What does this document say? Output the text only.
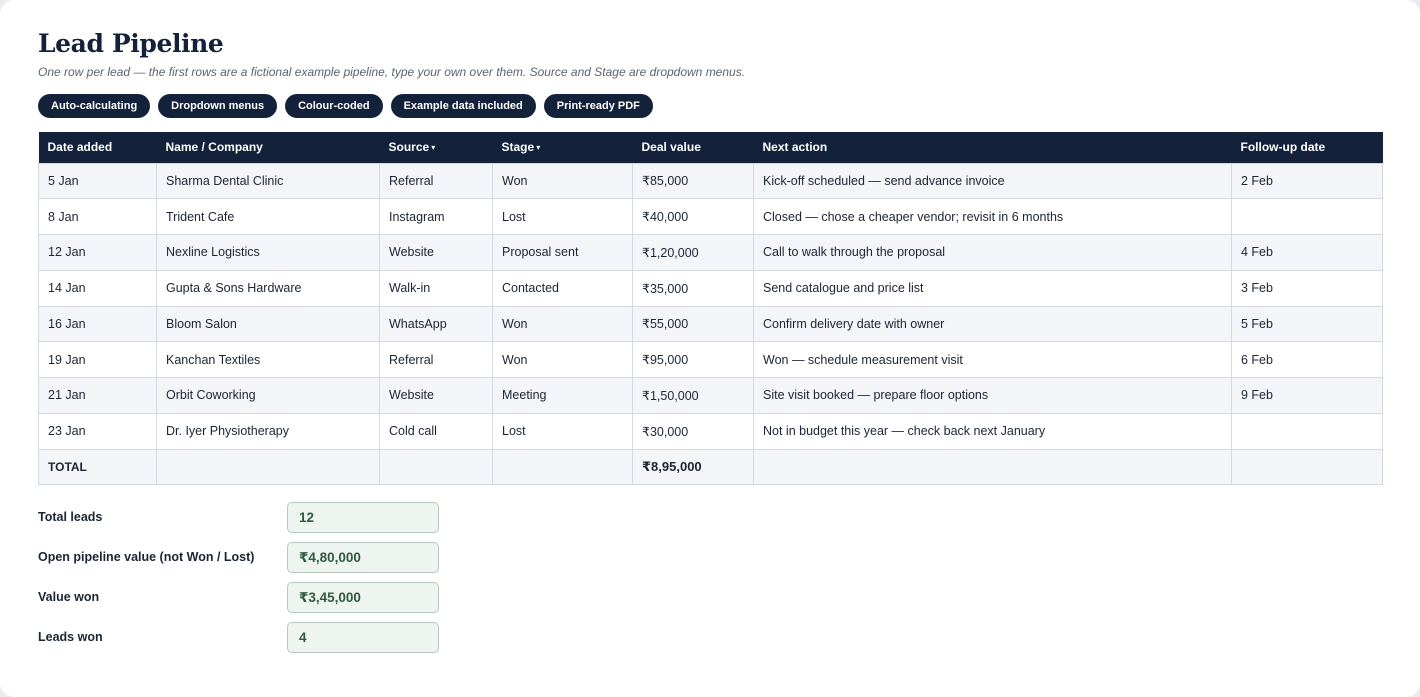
Lead Pipeline

One row per lead — the first rows are a fictional example pipeline, type your own over them. Source and Stage are dropdown menus.

Auto-calculating	Dropdown menus	Colour-coded	Example data included	Print-ready PDF
Date added	Name / Company	Source ▾	Stage ▾	Deal value	Next action	Follow-up date
5 Jan	Sharma Dental Clinic	Referral	Won	₹85,000	Kick-off scheduled — send advance invoice	2 Feb
8 Jan	Trident Cafe	Instagram	Lost	₹40,000	Closed — chose a cheaper vendor; revisit in 6 months	
12 Jan	Nexline Logistics	Website	Proposal sent	₹1,20,000	Call to walk through the proposal	4 Feb
14 Jan	Gupta & Sons Hardware	Walk-in	Contacted	₹35,000	Send catalogue and price list	3 Feb
16 Jan	Bloom Salon	WhatsApp	Won	₹55,000	Confirm delivery date with owner	5 Feb
19 Jan	Kanchan Textiles	Referral	Won	₹95,000	Won — schedule measurement visit	6 Feb
21 Jan	Orbit Coworking	Website	Meeting	₹1,50,000	Site visit booked — prepare floor options	9 Feb
23 Jan	Dr. Iyer Physiotherapy	Cold call	Lost	₹30,000	Not in budget this year — check back next January	
TOTAL				₹8,95,000		
Total leads	12
Open pipeline value (not Won / Lost)	₹4,80,000
Value won	₹3,45,000
Leads won	4
